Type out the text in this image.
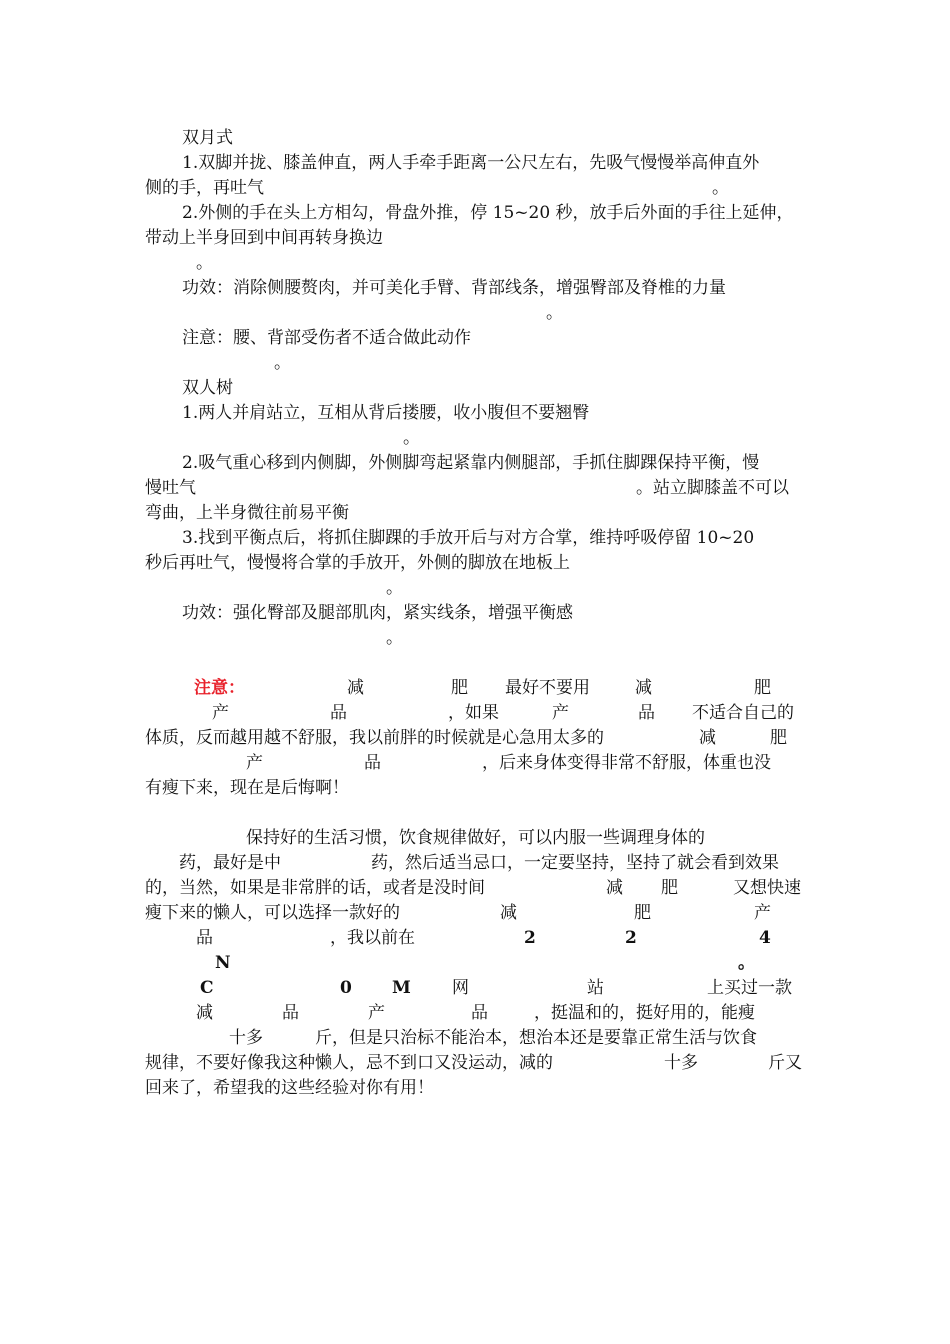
双月式
1.双脚并拢、膝盖伸直，两人手牵手距离一公尺左右，先吸气慢慢举高伸直外
侧的手，再吐气	。
2.外侧的手在头上方相勾，骨盘外推，停 15~20 秒，放手后外面的手往上延伸，
带动上半身回到中间再转身换边
。
功效：消除侧腰赘肉，并可美化手臂、背部线条，增强臀部及脊椎的力量
。
注意：腰、背部受伤者不适合做此动作
。
双人树
1.两人并肩站立，互相从背后搂腰，收小腹但不要翘臀
。
2.吸气重心移到内侧脚，外侧脚弯起紧靠内侧腿部，手抓住脚踝保持平衡，慢
慢吐气	。站立脚膝盖不可以
弯曲，上半身微往前易平衡
3.找到平衡点后，将抓住脚踝的手放开后与对方合掌，维持呼吸停留 10~20
秒后再吐气，慢慢将合掌的手放开，外侧的脚放在地板上
。
功效：强化臀部及腿部肌肉，紧实线条，增强平衡感
。
注意：	减	肥 最好不要用	减	肥
产	品	，如果	产	品 不适合自己的
体质，反而越用越不舒服，我以前胖的时候就是心急用太多的	减	肥
产	品	，后来身体变得非常不舒服，体重也没
有瘦下来，现在是后悔啊！
保持好的生活习惯，饮食规律做好，可以内服一些调理身体的
药，最好是中	药，然后适当忌口，一定要坚持，坚持了就会看到效果
的，当然，如果是非常胖的话，或者是没时间	减 肥	又想快速
瘦下来的懒人，可以选择一款好的	减	肥	产
品	，我以前在	2	2	4
N	。
C	0 M 网	站	上买过一款
减	品	产	品	，挺温和的，挺好用的，能瘦
十多	斤，但是只治标不能治本，想治本还是要靠正常生活与饮食
规律，不要好像我这种懒人，忌不到口又没运动，减的	十多	斤又
回来了，希望我的这些经验对你有用！
